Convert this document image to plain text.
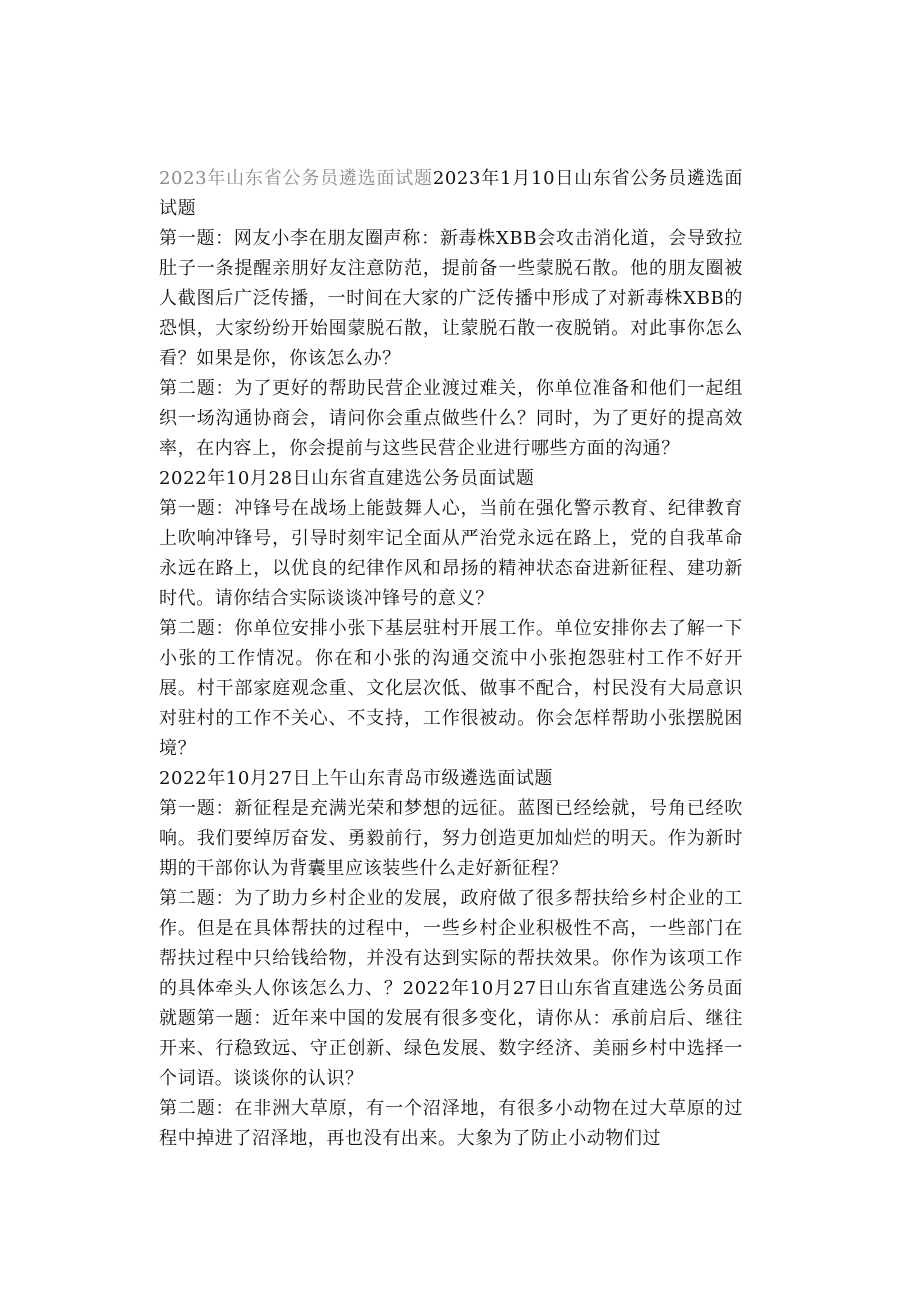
2023年山东省公务员遴选面试题2023年1月10日山东省公务员遴选面试题

第一题：网友小李在朋友圈声称：新毒株XBB会攻击消化道，会导致拉肚子一条提醒亲朋好友注意防范，提前备一些蒙脱石散。他的朋友圈被人截图后广泛传播，一时间在大家的广泛传播中形成了对新毒株XBB的恐惧，大家纷纷开始囤蒙脱石散，让蒙脱石散一夜脱销。对此事你怎么看？如果是你，你该怎么办？

第二题：为了更好的帮助民营企业渡过难关，你单位准备和他们一起组织一场沟通协商会，请问你会重点做些什么？同时，为了更好的提高效率，在内容上，你会提前与这些民营企业进行哪些方面的沟通？

2022年10月28日山东省直建选公务员面试题

第一题：冲锋号在战场上能鼓舞人心，当前在强化警示教育、纪律教育上吹响冲锋号，引导时刻牢记全面从严治党永远在路上，党的自我革命永远在路上，以优良的纪律作风和昂扬的精神状态奋进新征程、建功新时代。请你结合实际谈谈冲锋号的意义？

第二题：你单位安排小张下基层驻村开展工作。单位安排你去了解一下小张的工作情况。你在和小张的沟通交流中小张抱怨驻村工作不好开展。村干部家庭观念重、文化层次低、做事不配合，村民没有大局意识对驻村的工作不关心、不支持，工作很被动。你会怎样帮助小张摆脱困境？

2022年10月27日上午山东青岛市级遴选面试题

第一题：新征程是充满光荣和梦想的远征。蓝图已经绘就，号角已经吹响。我们要绰厉奋发、勇毅前行，努力创造更加灿烂的明天。作为新时期的干部你认为背囊里应该装些什么走好新征程？

第二题：为了助力乡村企业的发展，政府做了很多帮扶给乡村企业的工作。但是在具体帮扶的过程中，一些乡村企业积极性不高，一些部门在帮扶过程中只给钱给物，并没有达到实际的帮扶效果。你作为该项工作的具体牵头人你该怎么力、？2022年10月27日山东省直建选公务员面就题第一题：近年来中国的发展有很多变化，请你从：承前启后、继往开来、行稳致远、守正创新、绿色发展、数字经济、美丽乡村中选择一个词语。谈谈你的认识？

第二题：在非洲大草原，有一个沼泽地，有很多小动物在过大草原的过程中掉进了沼泽地，再也没有出来。大象为了防止小动物们过
